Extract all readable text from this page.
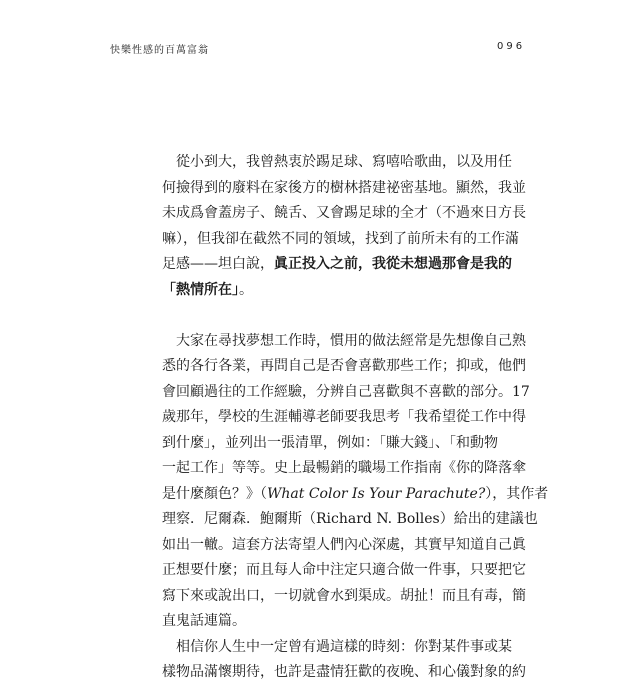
快樂性感的百萬富翁	096
　從小到大，我曾熱衷於踢足球、寫嘻哈歌曲，以及用任
何撿得到的廢料在家後方的樹林搭建祕密基地。顯然，我並
未成爲會蓋房子、饒舌、又會踢足球的全才（不過來日方長
嘛），但我卻在截然不同的領域，找到了前所未有的工作滿
足感——坦白說，眞正投入之前，我從未想過那會是我的
「熱情所在」。
　大家在尋找夢想工作時，慣用的做法經常是先想像自己熟
悉的各行各業，再問自己是否會喜歡那些工作；抑或，他們
會回顧過往的工作經驗，分辨自己喜歡與不喜歡的部分。17
歲那年，學校的生涯輔導老師要我思考「我希望從工作中得
到什麼」，並列出一張清單，例如：「賺大錢」、「和動物
一起工作」等等。史上最暢銷的職場工作指南《你的降落傘
是什麼顏色？》（What Color Is Your Parachute?），其作者
理察．尼爾森．鮑爾斯（Richard N. Bolles）給出的建議也
如出一轍。這套方法寄望人們內心深處，其實早知道自己眞
正想要什麼；而且每人命中注定只適合做一件事，只要把它
寫下來或說出口，一切就會水到渠成。胡扯！而且有毒，簡
直鬼話連篇。
　相信你人生中一定曾有過這樣的時刻：你對某件事或某
樣物品滿懷期待，也許是盡情狂歡的夜晚、和心儀對象的約
